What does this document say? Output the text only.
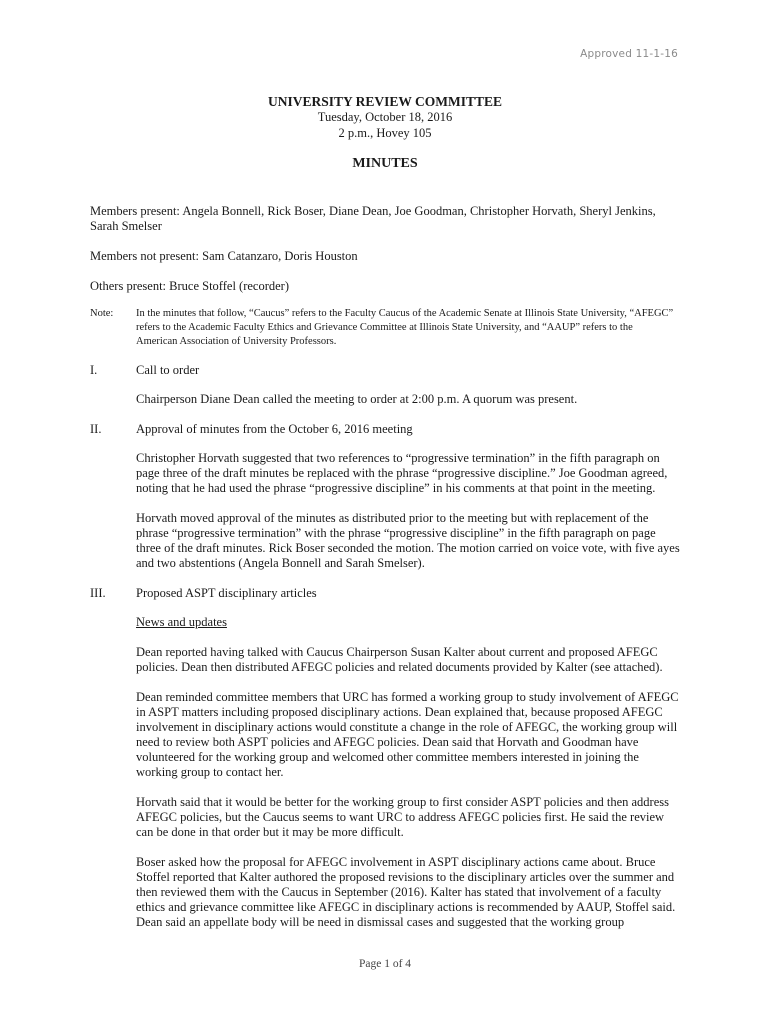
Approved 11-1-16
UNIVERSITY REVIEW COMMITTEE
Tuesday, October 18, 2016
2 p.m., Hovey 105
MINUTES

Members present: Angela Bonnell, Rick Boser, Diane Dean, Joe Goodman, Christopher Horvath, Sheryl Jenkins, Sarah Smelser

Members not present: Sam Catanzaro, Doris Houston

Others present: Bruce Stoffel (recorder)

Note:	In the minutes that follow, “Caucus” refers to the Faculty Caucus of the Academic Senate at Illinois State University, “AFEGC” refers to the Academic Faculty Ethics and Grievance Committee at Illinois State University, and “AAUP” refers to the American Association of University Professors.
I.	Call to order

Chairperson Diane Dean called the meeting to order at 2:00 p.m. A quorum was present.

II.	Approval of minutes from the October 6, 2016 meeting

Christopher Horvath suggested that two references to “progressive termination” in the fifth paragraph on page three of the draft minutes be replaced with the phrase “progressive discipline.” Joe Goodman agreed, noting that he had used the phrase “progressive discipline” in his comments at that point in the meeting.

Horvath moved approval of the minutes as distributed prior to the meeting but with replacement of the phrase “progressive termination” with the phrase “progressive discipline” in the fifth paragraph on page three of the draft minutes. Rick Boser seconded the motion. The motion carried on voice vote, with five ayes and two abstentions (Angela Bonnell and Sarah Smelser).

III.	Proposed ASPT disciplinary articles

News and updates

Dean reported having talked with Caucus Chairperson Susan Kalter about current and proposed AFEGC policies. Dean then distributed AFEGC policies and related documents provided by Kalter (see attached).

Dean reminded committee members that URC has formed a working group to study involvement of AFEGC in ASPT matters including proposed disciplinary actions. Dean explained that, because proposed AFEGC involvement in disciplinary actions would constitute a change in the role of AFEGC, the working group will need to review both ASPT policies and AFEGC policies. Dean said that Horvath and Goodman have volunteered for the working group and welcomed other committee members interested in joining the working group to contact her.

Horvath said that it would be better for the working group to first consider ASPT policies and then address AFEGC policies, but the Caucus seems to want URC to address AFEGC policies first. He said the review can be done in that order but it may be more difficult.

Boser asked how the proposal for AFEGC involvement in ASPT disciplinary actions came about. Bruce Stoffel reported that Kalter authored the proposed revisions to the disciplinary articles over the summer and then reviewed them with the Caucus in September (2016). Kalter has stated that involvement of a faculty ethics and grievance committee like AFEGC in disciplinary actions is recommended by AAUP, Stoffel said. Dean said an appellate body will be need in dismissal cases and suggested that the working group

Page 1 of 4
